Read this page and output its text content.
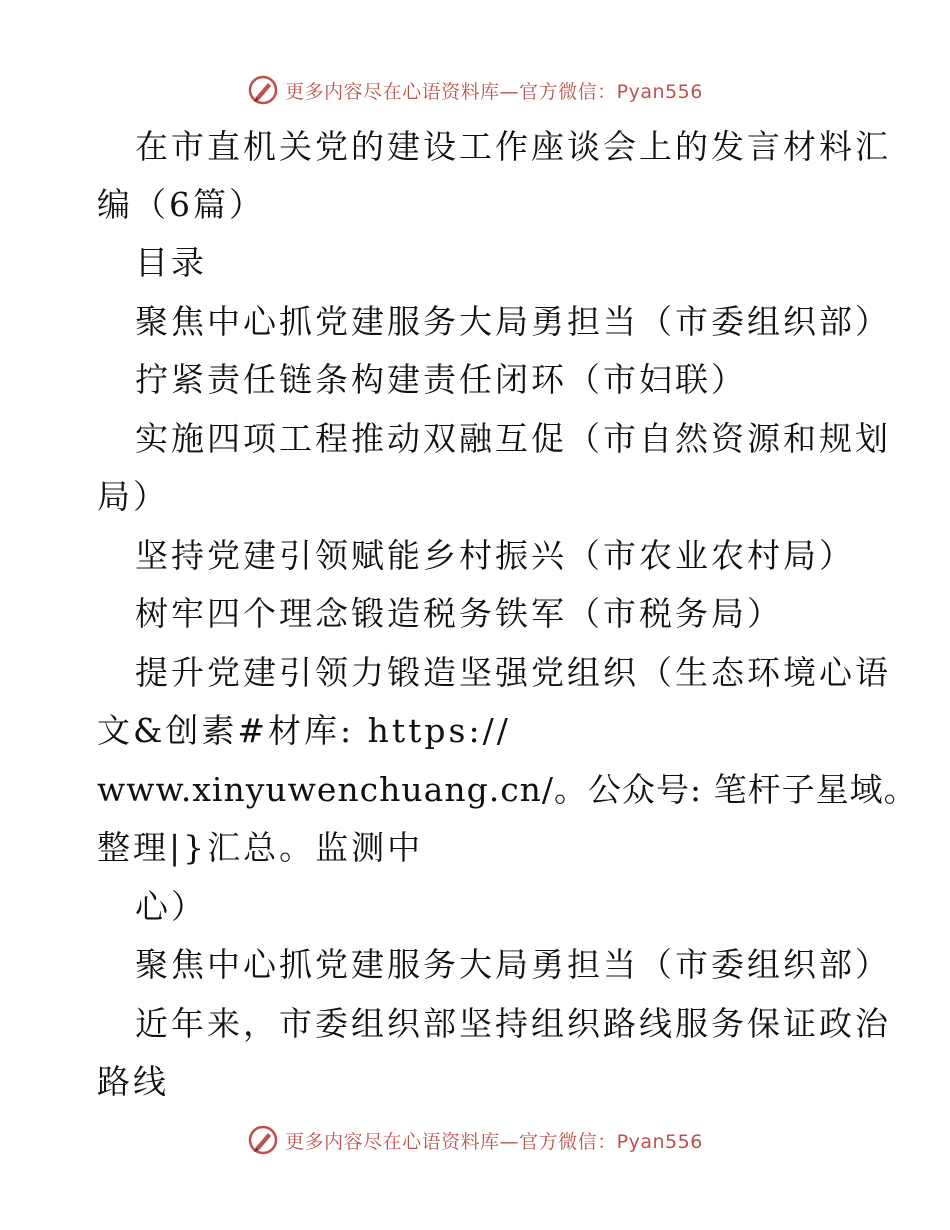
更多内容尽在心语资料库—官方微信：Pyan556
在市直机关党的建设工作座谈会上的发言材料汇
编（6篇）
目录
聚焦中心抓党建服务大局勇担当（市委组织部）
拧紧责任链条构建责任闭环（市妇联）
实施四项工程推动双融互促（市自然资源和规划
局）
坚持党建引领赋能乡村振兴（市农业农村局）
树牢四个理念锻造税务铁军（市税务局）
提升党建引领力锻造坚强党组织（生态环境心语
文&创素#材库: https://
www.xinyuwenchuang.cn/。公众号: 笔杆子星域。
整理|}汇总。监测中
心）
聚焦中心抓党建服务大局勇担当（市委组织部）
近年来，市委组织部坚持组织路线服务保证政治
路线
更多内容尽在心语资料库—官方微信：Pyan556
